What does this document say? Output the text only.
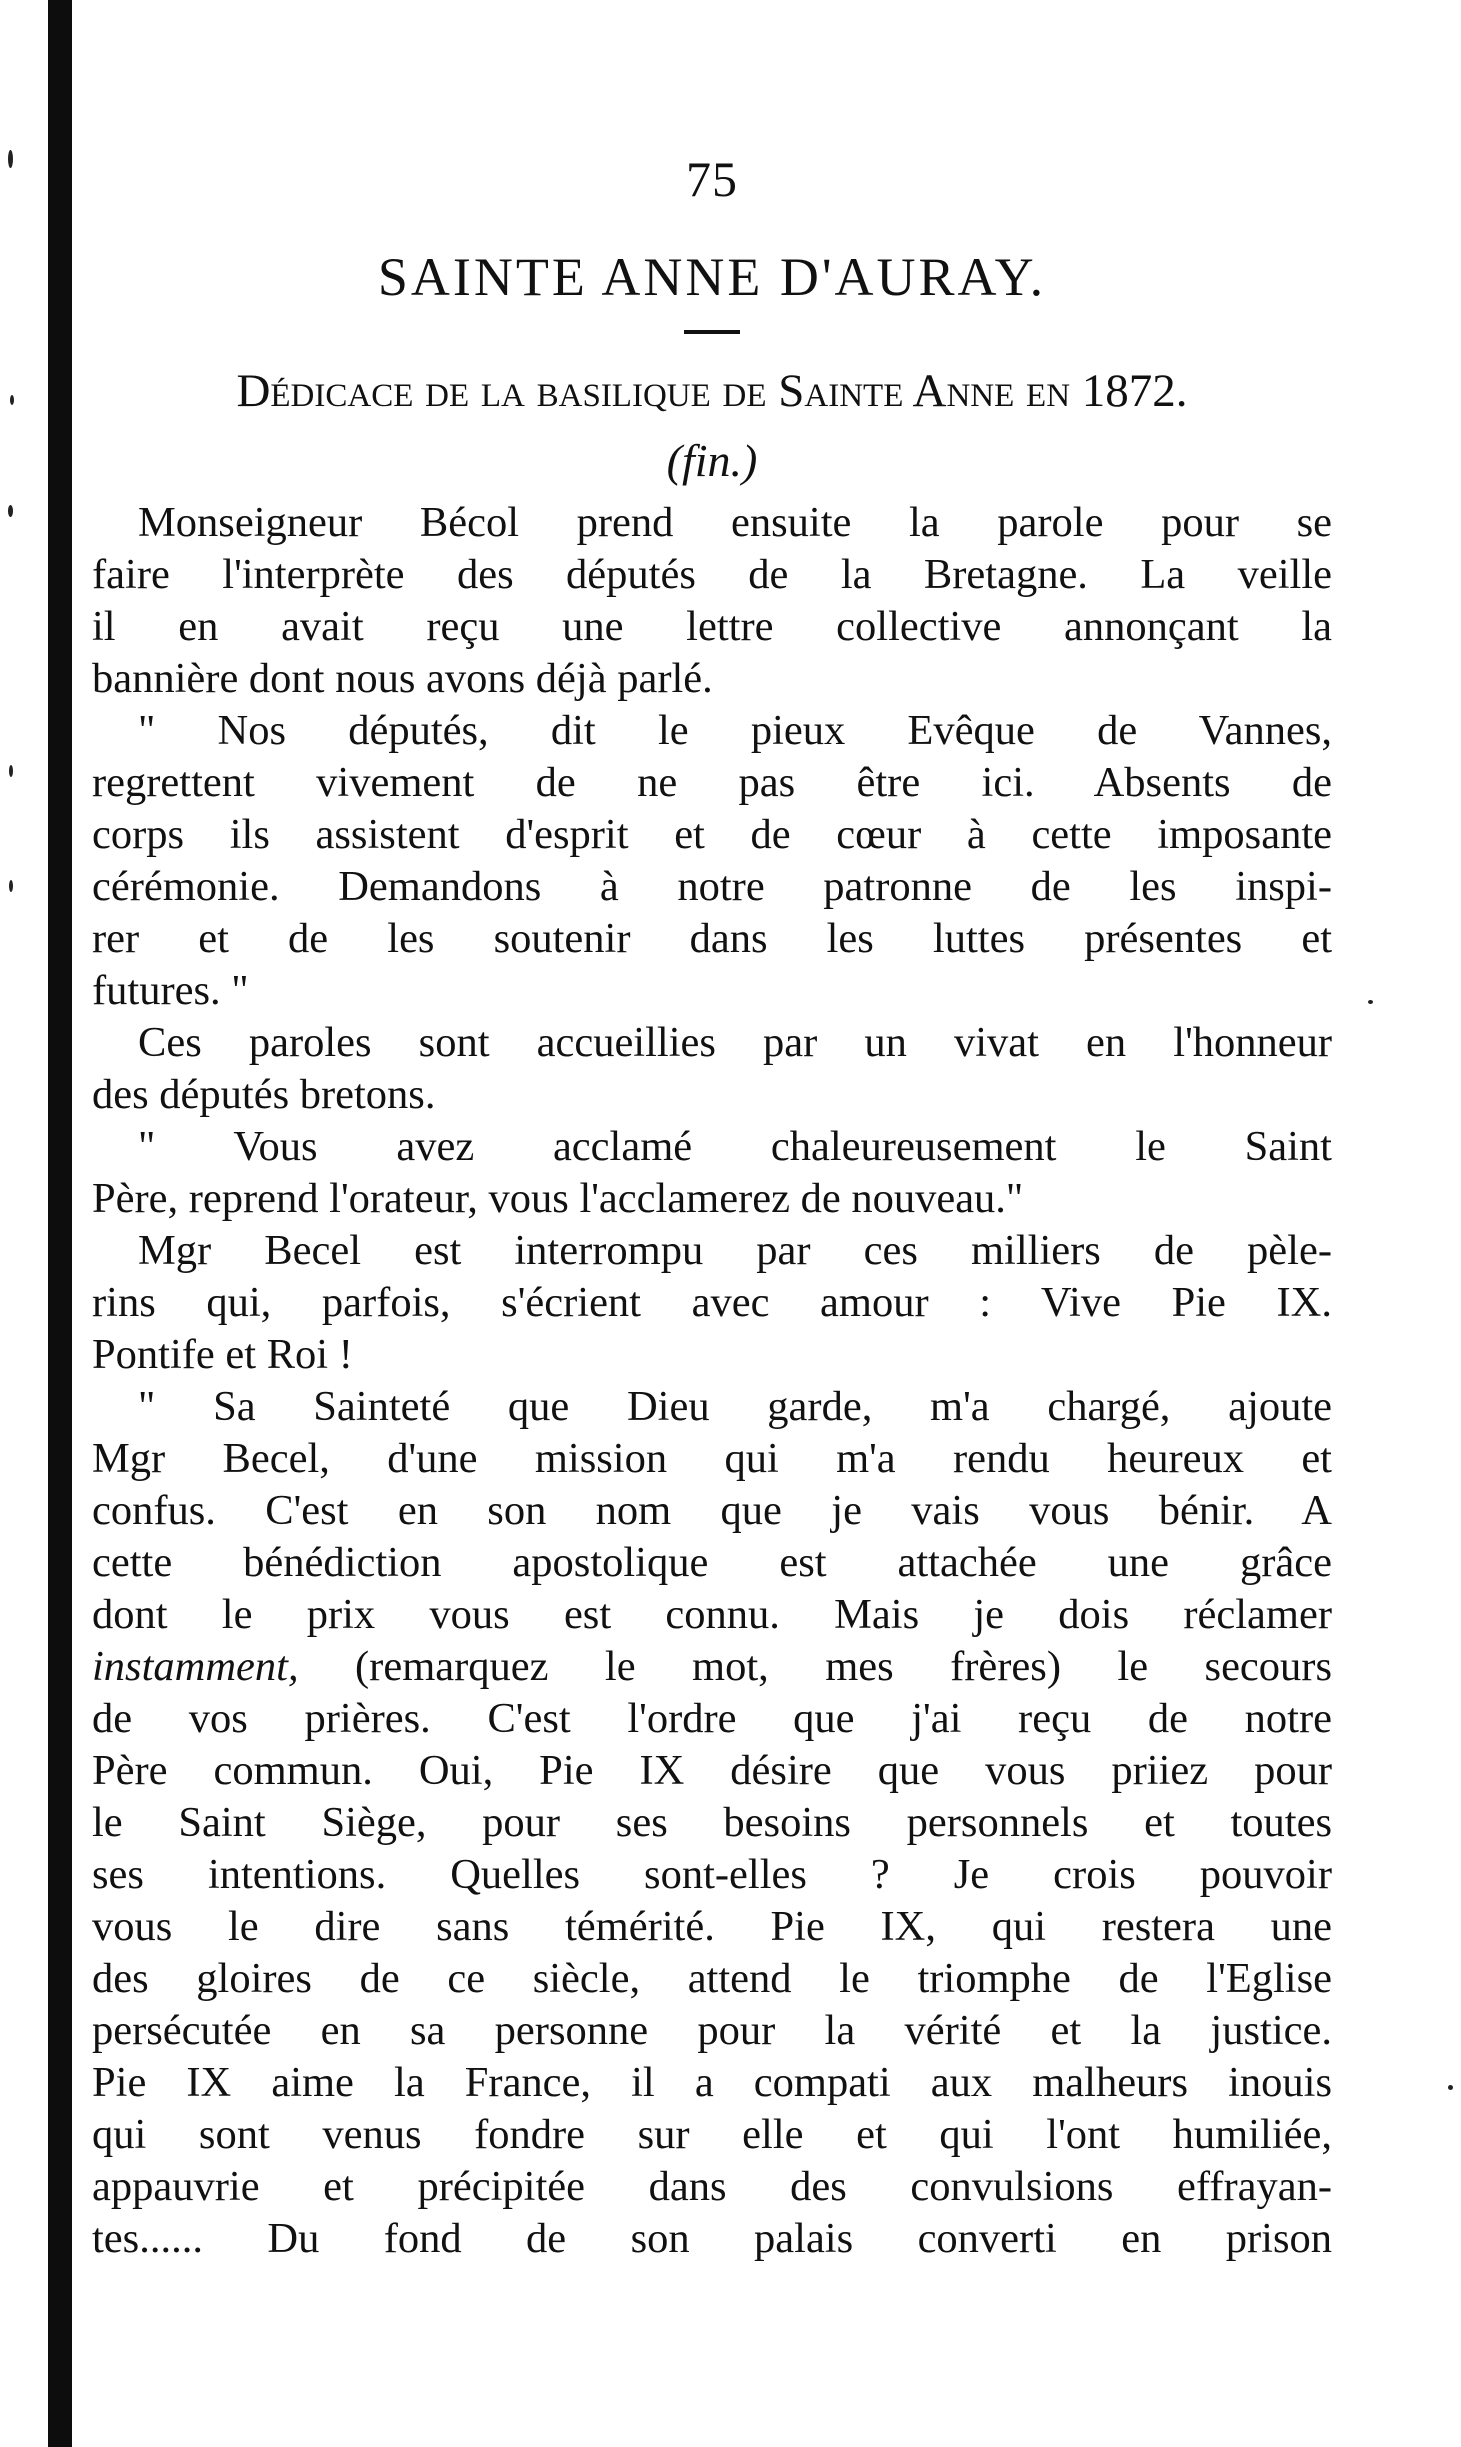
75
SAINTE ANNE D'AURAY.
Dédicace de la basilique de Sainte Anne en 1872.
(fin.)

Monseigneur Bécol prend ensuite la parole pour se
faire l'interprète des députés de la Bretagne. La veille
il en avait reçu une lettre collective annonçant la
bannière dont nous avons déjà parlé.
" Nos députés, dit le pieux Evêque de Vannes,
regrettent vivement de ne pas être ici. Absents de
corps ils assistent d'esprit et de cœur à cette imposante
cérémonie. Demandons à notre patronne de les inspi-
rer et de les soutenir dans les luttes présentes et
futures. "
Ces paroles sont accueillies par un vivat en l'honneur
des députés bretons.
" Vous avez acclamé chaleureusement le Saint
Père, reprend l'orateur, vous l'acclamerez de nouveau."
Mgr Becel est interrompu par ces milliers de pèle-
rins qui, parfois, s'écrient avec amour : Vive Pie IX.
Pontife et Roi !
" Sa Sainteté que Dieu garde, m'a chargé, ajoute
Mgr Becel, d'une mission qui m'a rendu heureux et
confus. C'est en son nom que je vais vous bénir. A
cette bénédiction apostolique est attachée une grâce
dont le prix vous est connu. Mais je dois réclamer
instamment, (remarquez le mot, mes frères) le secours
de vos prières. C'est l'ordre que j'ai reçu de notre
Père commun. Oui, Pie IX désire que vous priiez pour
le Saint Siège, pour ses besoins personnels et toutes
ses intentions. Quelles sont-elles ? Je crois pouvoir
vous le dire sans témérité. Pie IX, qui restera une
des gloires de ce siècle, attend le triomphe de l'Eglise
persécutée en sa personne pour la vérité et la justice.
Pie IX aime la France, il a compati aux malheurs inouis
qui sont venus fondre sur elle et qui l'ont humiliée,
appauvrie et précipitée dans des convulsions effrayan-
tes...... Du fond de son palais converti en prison
